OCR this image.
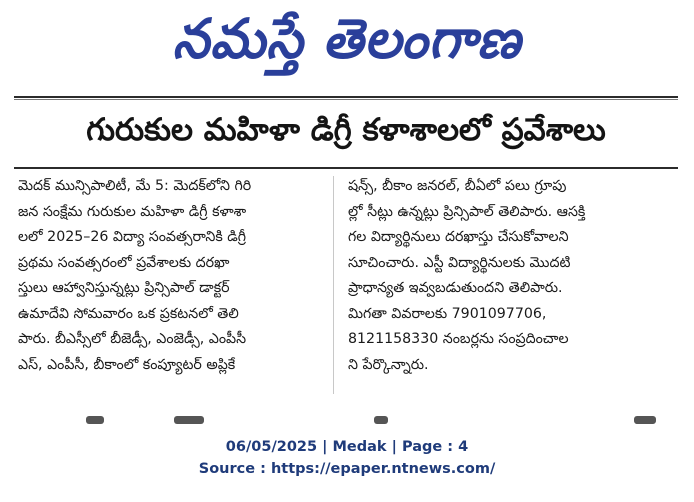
నమస్తే తెలంగాణ
గురుకుల మహిళా డిగ్రీ కళాశాలలో ప్రవేశాలు
మెదక్ మున్సిపాలిటీ, మే 5: మెదక్‌లోని గిరి
జన సంక్షేమ గురుకుల మహిళా డిగ్రీ కళాశా
లలో 2025–26 విద్యా సంవత్సరానికి డిగ్రీ
ప్రథమ సంవత్సరంలో ప్రవేశాలకు దరఖా
స్తులు ఆహ్వానిస్తున్నట్లు ప్రిన్సిపాల్ డాక్టర్
ఉమాదేవి సోమవారం ఒక ప్రకటనలో తెలి
పారు. బీఎస్సీలో బీజెడ్సీ, ఎంజెడ్సీ, ఎంపీసీ
ఎస్, ఎంపీసీ, బీకాంలో కంప్యూటర్ అప్లికే
షన్స్, బీకాం జనరల్, బీఏలో పలు గ్రూపు
ల్లో సీట్లు ఉన్నట్లు ప్రిన్సిపాల్ తెలిపారు. ఆసక్తి
గల విద్యార్థినులు దరఖాస్తు చేసుకోవాలని
సూచించారు. ఎస్టీ విద్యార్థినులకు మొదటి
ప్రాధాన్యత ఇవ్వబడుతుందని తెలిపారు.
మిగతా వివరాలకు 7901097706,
8121158330 నంబర్లను సంప్రదించాల
ని పేర్కొన్నారు.
06/05/2025 | Medak | Page : 4
Source : https://epaper.ntnews.com/
